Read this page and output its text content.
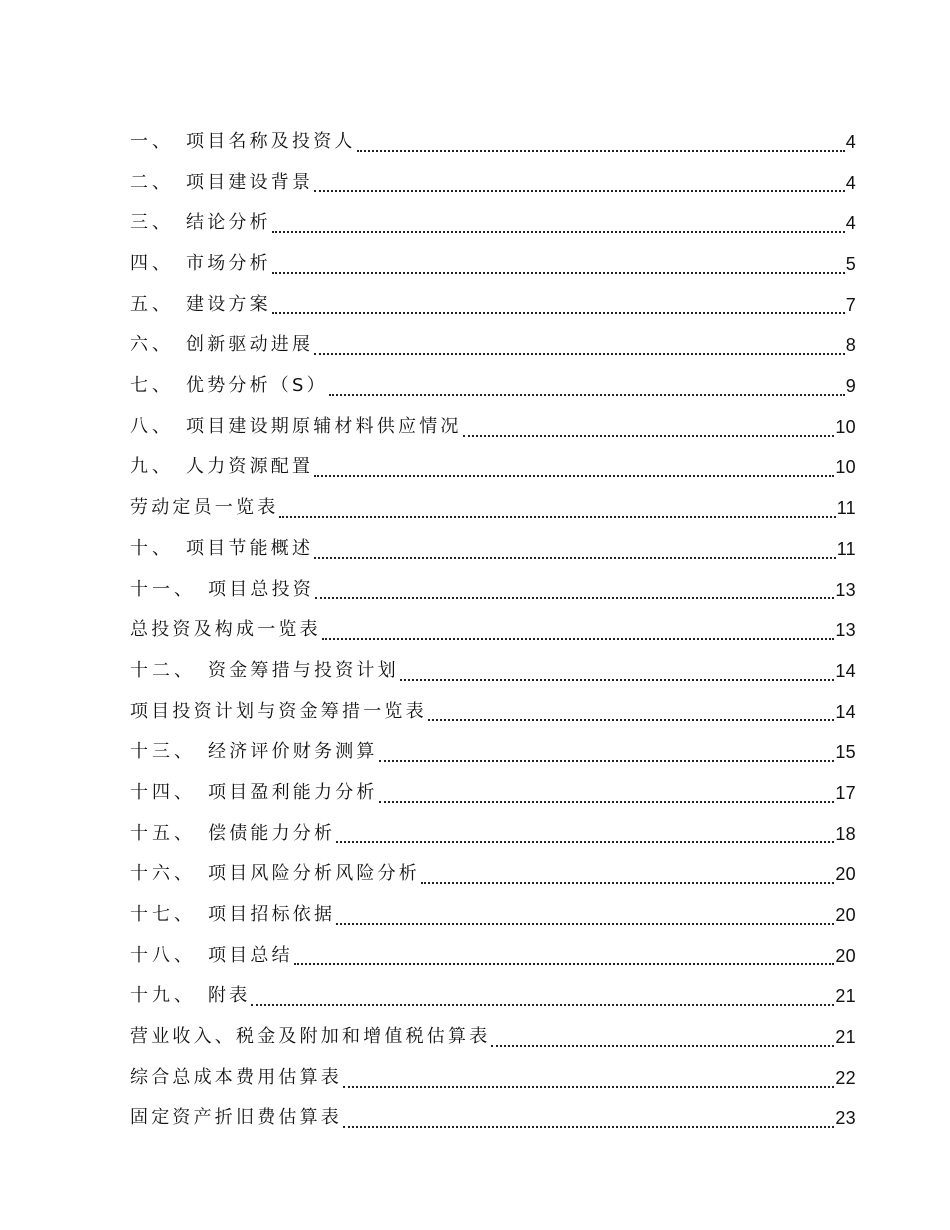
一、 项目名称及投资人	4
二、 项目建设背景	4
三、 结论分析	4
四、 市场分析	5
五、 建设方案	7
六、 创新驱动进展	8
七、 优势分析（S）	9
八、 项目建设期原辅材料供应情况	10
九、 人力资源配置	10
劳动定员一览表	11
十、 项目节能概述	11
十一、 项目总投资	13
总投资及构成一览表	13
十二、 资金筹措与投资计划	14
项目投资计划与资金筹措一览表	14
十三、 经济评价财务测算	15
十四、 项目盈利能力分析	17
十五、 偿债能力分析	18
十六、 项目风险分析风险分析	20
十七、 项目招标依据	20
十八、 项目总结	20
十九、 附表	21
营业收入、税金及附加和增值税估算表	21
综合总成本费用估算表	22
固定资产折旧费估算表	23
